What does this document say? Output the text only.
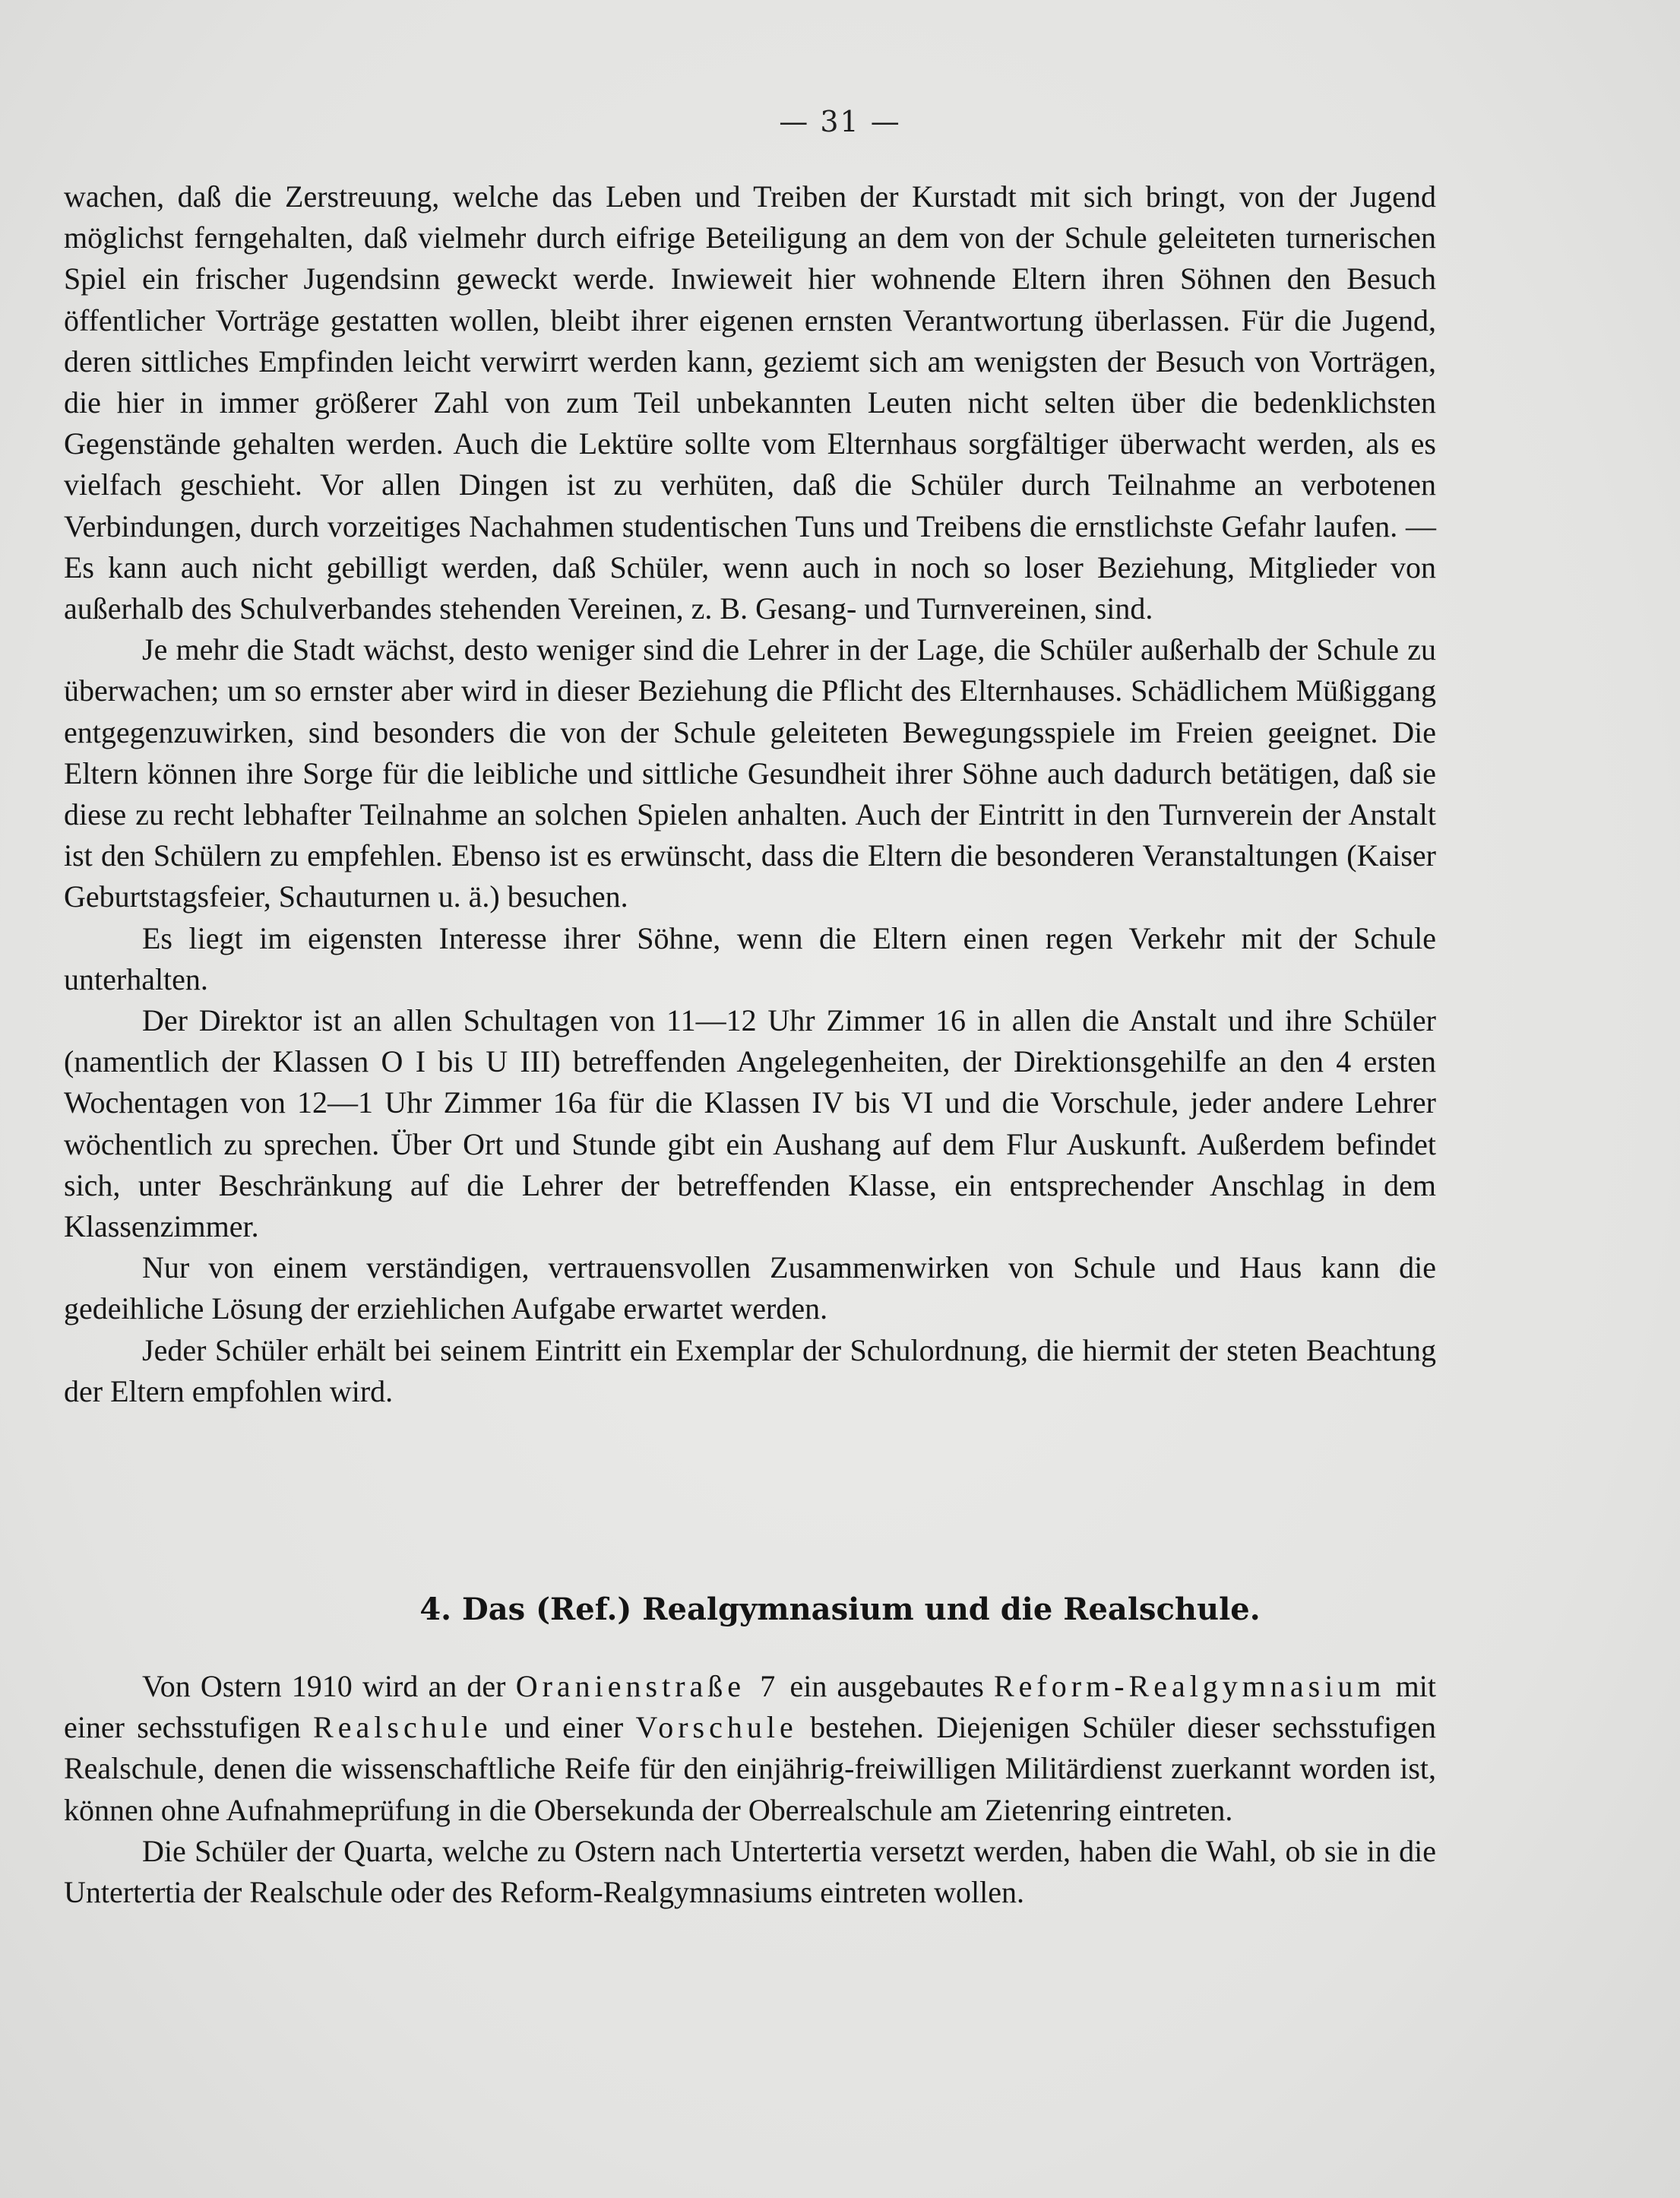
— 31 —

wachen, daß die Zerstreuung, welche das Leben und Treiben der Kurstadt mit sich bringt, von der Jugend möglichst ferngehalten, daß vielmehr durch eifrige Beteiligung an dem von der Schule geleiteten turnerischen Spiel ein frischer Jugendsinn geweckt werde. Inwieweit hier wohnende Eltern ihren Söhnen den Besuch öffentlicher Vorträge gestatten wollen, bleibt ihrer eigenen ernsten Verantwortung überlassen. Für die Jugend, deren sittliches Empfinden leicht verwirrt werden kann, geziemt sich am wenigsten der Besuch von Vorträgen, die hier in immer größerer Zahl von zum Teil unbekannten Leuten nicht selten über die bedenklichsten Gegenstände gehalten werden. Auch die Lektüre sollte vom Elternhaus sorgfältiger überwacht werden, als es vielfach geschieht. Vor allen Dingen ist zu verhüten, daß die Schüler durch Teilnahme an verbotenen Verbindungen, durch vorzeitiges Nachahmen studentischen Tuns und Treibens die ernstlichste Gefahr laufen. — Es kann auch nicht gebilligt werden, daß Schüler, wenn auch in noch so loser Beziehung, Mitglieder von außerhalb des Schulverbandes stehenden Vereinen, z. B. Gesang- und Turnvereinen, sind.

Je mehr die Stadt wächst, desto weniger sind die Lehrer in der Lage, die Schüler außerhalb der Schule zu überwachen; um so ernster aber wird in dieser Beziehung die Pflicht des Elternhauses. Schädlichem Müßiggang entgegenzuwirken, sind besonders die von der Schule geleiteten Bewegungsspiele im Freien geeignet. Die Eltern können ihre Sorge für die leibliche und sittliche Gesundheit ihrer Söhne auch dadurch betätigen, daß sie diese zu recht lebhafter Teilnahme an solchen Spielen anhalten. Auch der Eintritt in den Turnverein der Anstalt ist den Schülern zu empfehlen. Ebenso ist es erwünscht, dass die Eltern die besonderen Veranstaltungen (Kaiser Geburtstagsfeier, Schauturnen u. ä.) besuchen.

Es liegt im eigensten Interesse ihrer Söhne, wenn die Eltern einen regen Verkehr mit der Schule unterhalten.

Der Direktor ist an allen Schultagen von 11—12 Uhr Zimmer 16 in allen die Anstalt und ihre Schüler (namentlich der Klassen O I bis U III) betreffenden Angelegenheiten, der Direktionsgehilfe an den 4 ersten Wochentagen von 12—1 Uhr Zimmer 16a für die Klassen IV bis VI und die Vorschule, jeder andere Lehrer wöchentlich zu sprechen. Über Ort und Stunde gibt ein Aushang auf dem Flur Auskunft. Außerdem befindet sich, unter Beschränkung auf die Lehrer der betreffenden Klasse, ein entsprechender Anschlag in dem Klassenzimmer.

Nur von einem verständigen, vertrauensvollen Zusammenwirken von Schule und Haus kann die gedeihliche Lösung der erziehlichen Aufgabe erwartet werden.

Jeder Schüler erhält bei seinem Eintritt ein Exemplar der Schulordnung, die hiermit der steten Beachtung der Eltern empfohlen wird.

4. Das (Ref.) Realgymnasium und die Realschule.

Von Ostern 1910 wird an der Oranienstraße 7 ein ausgebautes Reform-Realgymnasium mit einer sechsstufigen Realschule und einer Vorschule bestehen. Diejenigen Schüler dieser sechsstufigen Realschule, denen die wissenschaftliche Reife für den einjährig-freiwilligen Militärdienst zuerkannt worden ist, können ohne Aufnahmeprüfung in die Obersekunda der Oberrealschule am Zietenring eintreten.

Die Schüler der Quarta, welche zu Ostern nach Untertertia versetzt werden, haben die Wahl, ob sie in die Untertertia der Realschule oder des Reform-Realgymnasiums eintreten wollen.
